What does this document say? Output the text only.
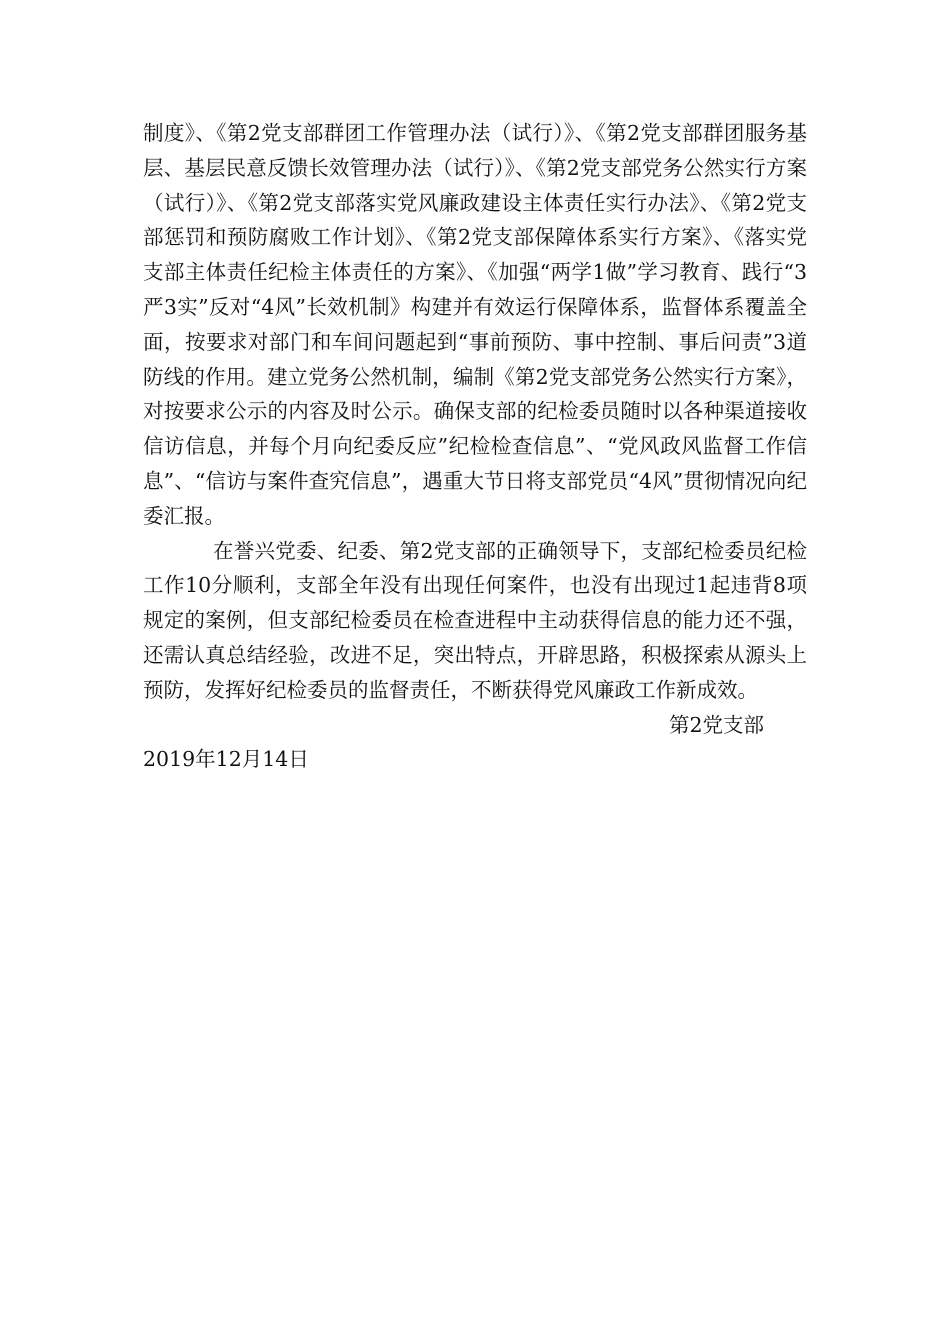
制度》、《第2党支部群团工作管理办法（试行）》、《第2党支部群团服务基层、基层民意反馈长效管理办法（试行）》、《第2党支部党务公然实行方案（试行）》、《第2党支部落实党风廉政建设主体责任实行办法》、《第2党支部惩罚和预防腐败工作计划》、《第2党支部保障体系实行方案》、《落实党支部主体责任纪检主体责任的方案》、《加强“两学1做”学习教育、践行“3严3实”反对“4风”长效机制》构建并有效运行保障体系，监督体系覆盖全面，按要求对部门和车间问题起到“事前预防、事中控制、事后问责”3道防线的作用。建立党务公然机制，编制《第2党支部党务公然实行方案》，对按要求公示的内容及时公示。确保支部的纪检委员随时以各种渠道接收信访信息，并每个月向纪委反应”纪检检查信息”、“党风政风监督工作信息”、“信访与案件查究信息”，遇重大节日将支部党员“4风”贯彻情况向纪委汇报。

在誉兴党委、纪委、第2党支部的正确领导下，支部纪检委员纪检工作10分顺利，支部全年没有出现任何案件，也没有出现过1起违背8项规定的案例，但支部纪检委员在检查进程中主动获得信息的能力还不强，还需认真总结经验，改进不足，突出特点，开辟思路，积极探索从源头上预防，发挥好纪检委员的监督责任，不断获得党风廉政工作新成效。

第2党支部

2019年12月14日
